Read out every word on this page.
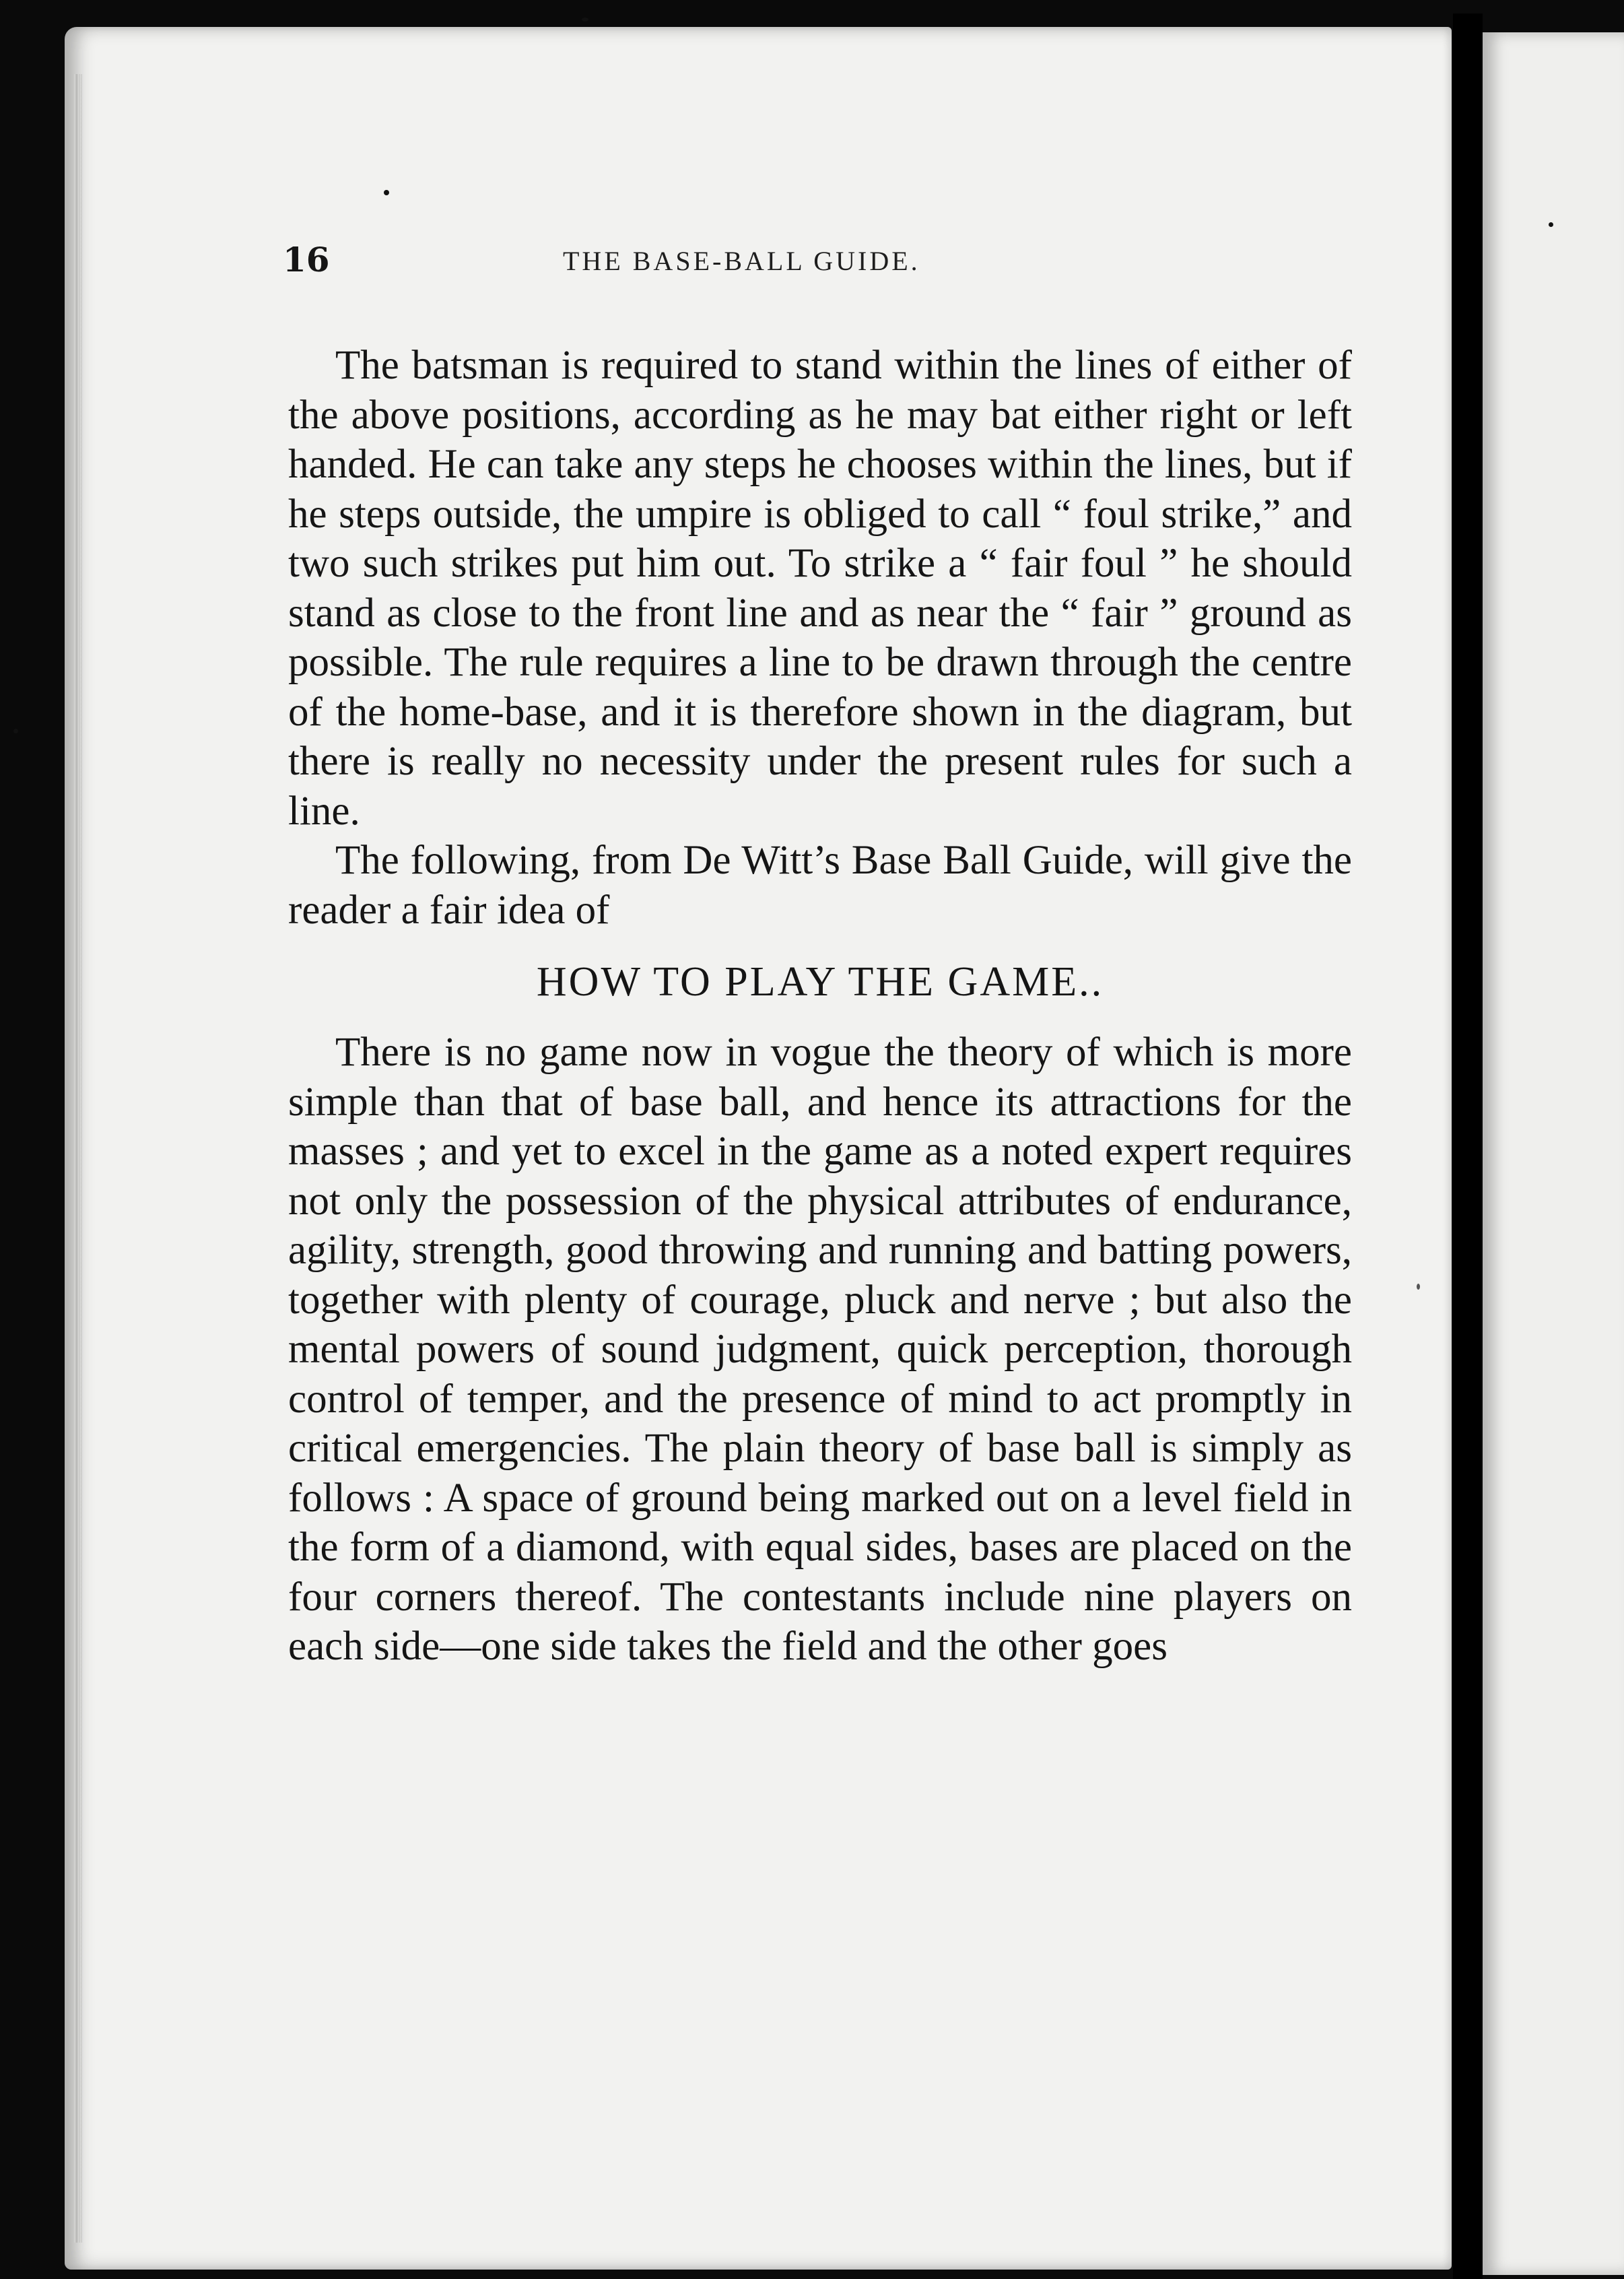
16	THE BASE-BALL GUIDE.

The batsman is required to stand within the lines of either of the above positions, according as he may bat either right or left handed. He can take any steps he chooses within the lines, but if he steps outside, the umpire is obliged to call “ foul strike,” and two such strikes put him out. To strike a “ fair foul ” he should stand as close to the front line and as near the “ fair ” ground as possible. The rule requires a line to be drawn through the centre of the home-base, and it is therefore shown in the diagram, but there is really no necessity under the present rules for such a line.

The following, from De Witt’s Base Ball Guide, will give the reader a fair idea of

HOW TO PLAY THE GAME..

There is no game now in vogue the theory of which is more simple than that of base ball, and hence its attractions for the masses ; and yet to excel in the game as a noted expert requires not only the possession of the physical attributes of endurance, agility, strength, good throwing and running and batting powers, together with plenty of courage, pluck and nerve ; but also the mental powers of sound judgment, quick perception, thorough control of temper, and the presence of mind to act promptly in critical emergencies. The plain theory of base ball is simply as follows : A space of ground being marked out on a level field in the form of a diamond, with equal sides, bases are placed on the four corners thereof. The contestants include nine players on each side—one side takes the field and the other goes
